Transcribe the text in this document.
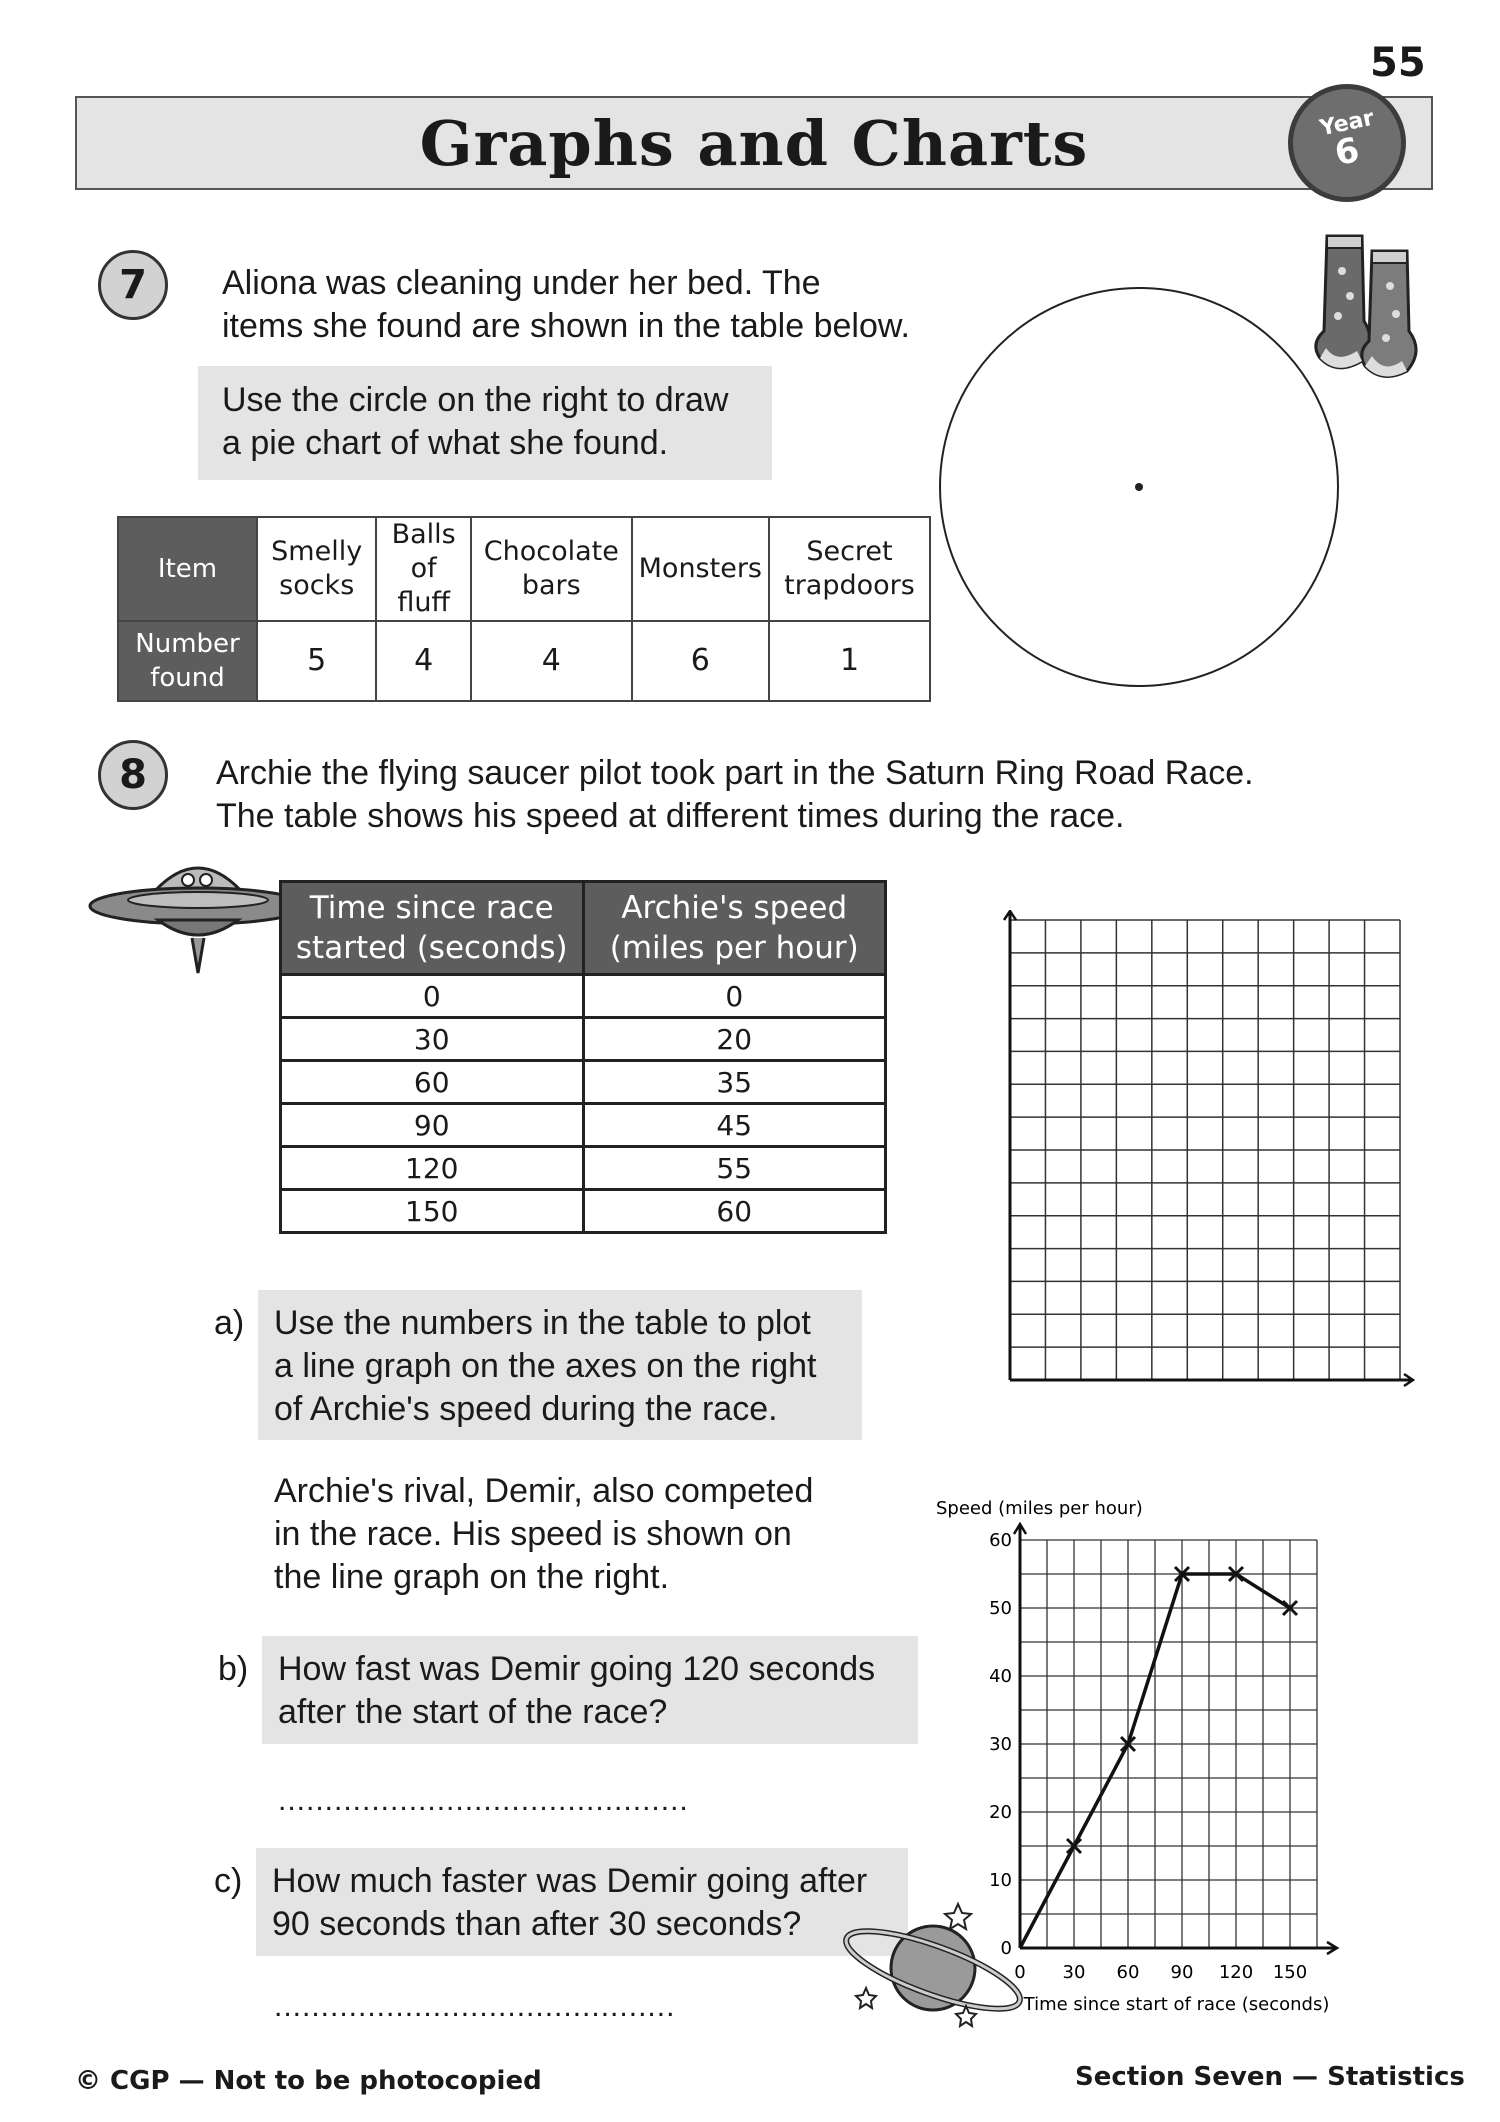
55
Graphs and Charts	Year
6
7	Aliona was cleaning under her bed. The
items she found are shown in the table below.
Use the circle on the right to draw
a pie chart of what she found.
Item	Smelly socks	Balls of fluff	Chocolate bars	Monsters	Secret trapdoors
Number found	5	4	4	6	1
8	Archie the flying saucer pilot took part in the Saturn Ring Road Race.
The table shows his speed at different times during the race.
Time since race started (seconds)	Archie's speed (miles per hour)
0	0
30	20
60	35
90	45
120	55
150	60
a) Use the numbers in the table to plot
a line graph on the axes on the right
of Archie's speed during the race.
Archie's rival, Demir, also competed
in the race. His speed is shown on
the line graph on the right.
b) How fast was Demir going 120 seconds
after the start of the race?
............................................
c) How much faster was Demir going after
90 seconds than after 30 seconds?
...........................................
0
10
20
30
40
50
60
0 30 60 90 120 150
Speed (miles per hour)
Time since start of race (seconds)
© CGP — Not to be photocopied	Section Seven — Statistics
